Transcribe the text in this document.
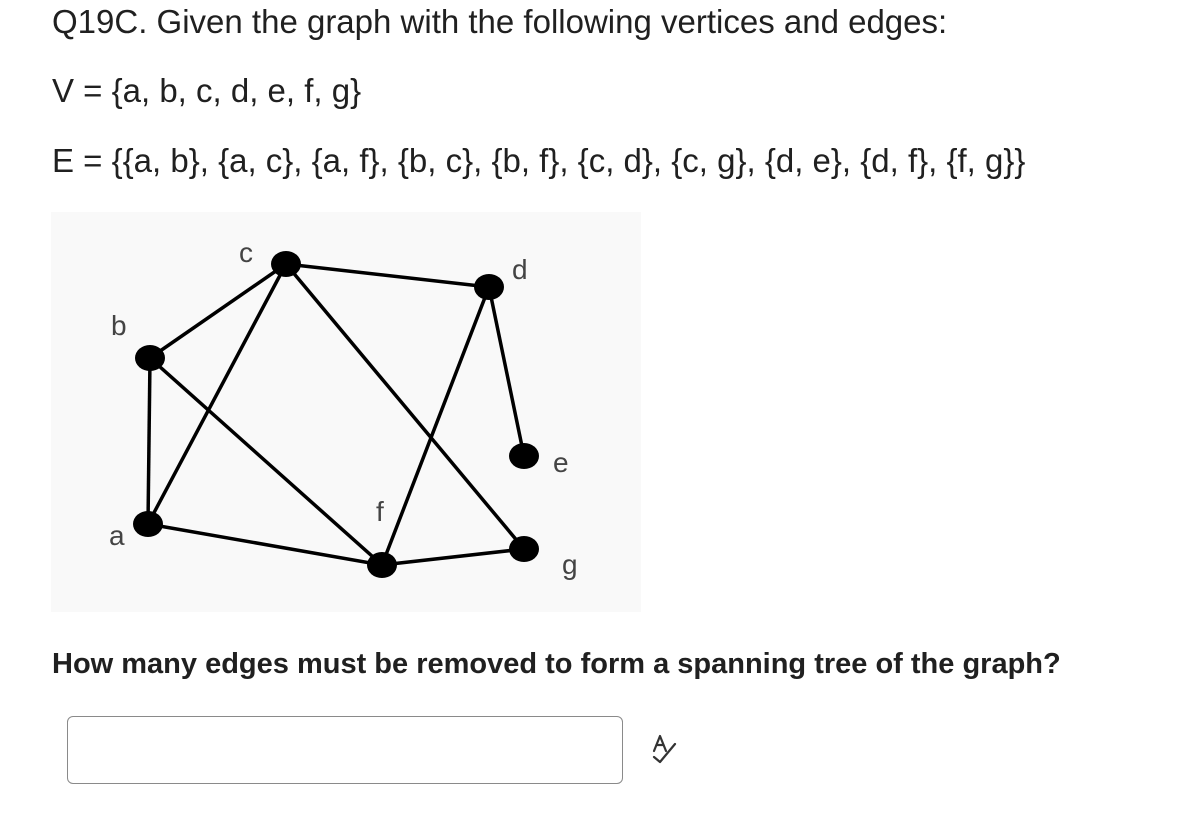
Q19C. Given the graph with the following vertices and edges:
V = {a, b, c, d, e, f, g}
E = {{a, b}, {a, c}, {a, f}, {b, c}, {b, f}, {c, d}, {c, g}, {d, e}, {d, f}, {f, g}}
a
b
c
d
e
f
g
How many edges must be removed to form a spanning tree of the graph?
